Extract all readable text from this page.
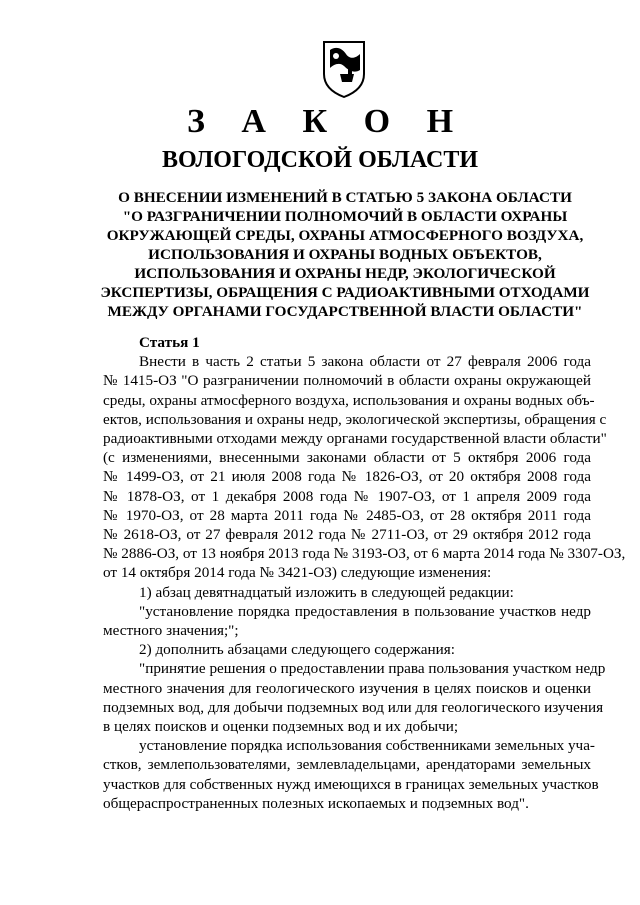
З А К О Н
ВОЛОГОДСКОЙ ОБЛАСТИ
О ВНЕСЕНИИ ИЗМЕНЕНИЙ В СТАТЬЮ 5 ЗАКОНА ОБЛАСТИ
"О РАЗГРАНИЧЕНИИ ПОЛНОМОЧИЙ В ОБЛАСТИ ОХРАНЫ
ОКРУЖАЮЩЕЙ СРЕДЫ, ОХРАНЫ АТМОСФЕРНОГО ВОЗДУХА,
ИСПОЛЬЗОВАНИЯ И ОХРАНЫ ВОДНЫХ ОБЪЕКТОВ,
ИСПОЛЬЗОВАНИЯ И ОХРАНЫ НЕДР, ЭКОЛОГИЧЕСКОЙ
ЭКСПЕРТИЗЫ, ОБРАЩЕНИЯ С РАДИОАКТИВНЫМИ ОТХОДАМИ
МЕЖДУ ОРГАНАМИ ГОСУДАРСТВЕННОЙ ВЛАСТИ ОБЛАСТИ"
Статья 1
Внести в часть 2 статьи 5 закона области от 27 февраля 2006 года
№ 1415-ОЗ "О разграничении полномочий в области охраны окружающей
среды, охраны атмосферного воздуха, использования и охраны водных объ-
ектов, использования и охраны недр, экологической экспертизы, обращения с
радиоактивными отходами между органами государственной власти области"
(с изменениями, внесенными законами области от 5 октября 2006 года
№ 1499-ОЗ, от 21 июля 2008 года № 1826-ОЗ, от 20 октября 2008 года
№ 1878-ОЗ, от 1 декабря 2008 года № 1907-ОЗ, от 1 апреля 2009 года
№ 1970-ОЗ, от 28 марта 2011 года № 2485-ОЗ, от 28 октября 2011 года
№ 2618-ОЗ, от 27 февраля 2012 года № 2711-ОЗ, от 29 октября 2012 года
№ 2886-ОЗ, от 13 ноября 2013 года № 3193-ОЗ, от 6 марта 2014 года № 3307-ОЗ,
от 14 октября 2014 года № 3421-ОЗ) следующие изменения:
1) абзац девятнадцатый изложить в следующей редакции:
"установление порядка предоставления в пользование участков недр
местного значения;";
2) дополнить абзацами следующего содержания:
"принятие решения о предоставлении права пользования участком недр
местного значения для геологического изучения в целях поисков и оценки
подземных вод, для добычи подземных вод или для геологического изучения
в целях поисков и оценки подземных вод и их добычи;
установление порядка использования собственниками земельных уча-
стков, землепользователями, землевладельцами, арендаторами земельных
участков для собственных нужд имеющихся в границах земельных участков
общераспространенных полезных ископаемых и подземных вод".
